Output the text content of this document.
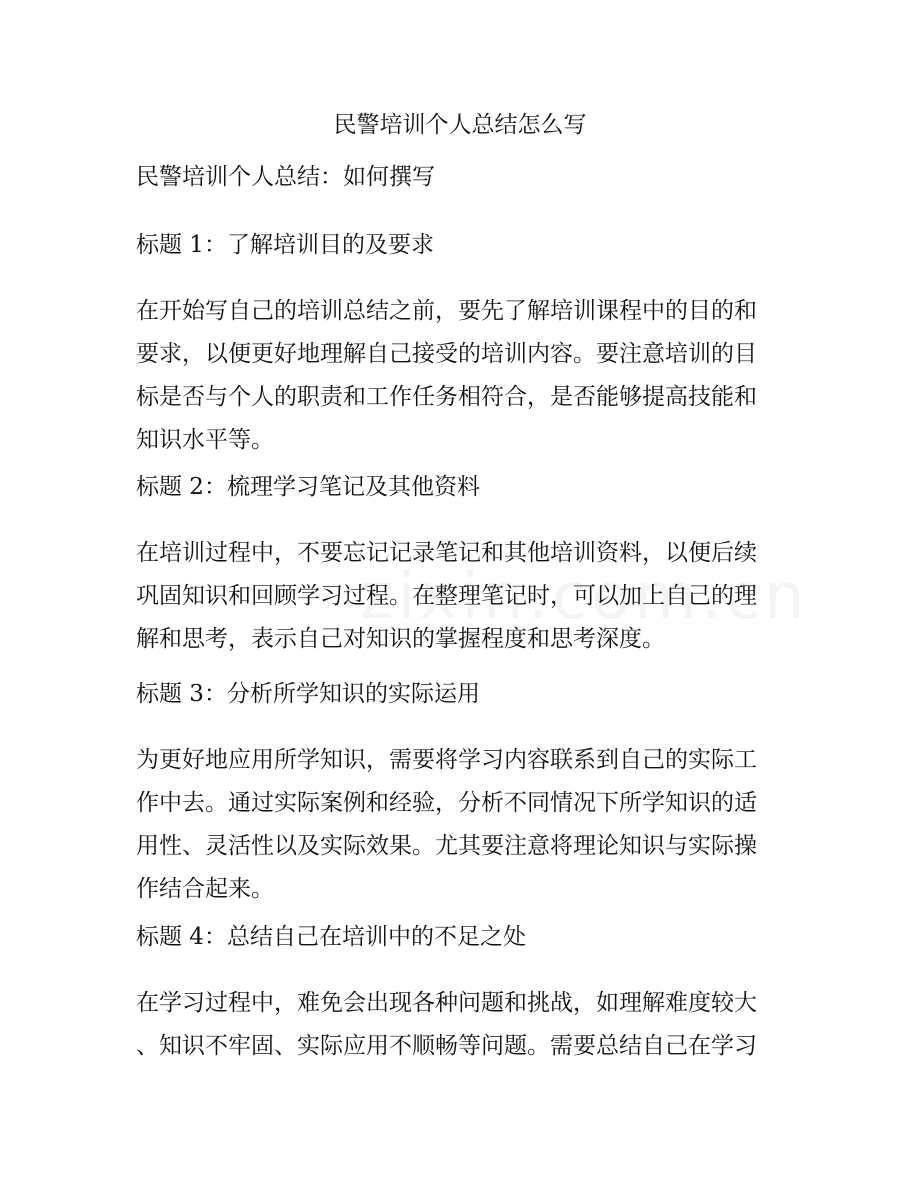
民警培训个人总结怎么写

民警培训个人总结：如何撰写

标题 1：了解培训目的及要求

在开始写自己的培训总结之前，要先了解培训课程中的目的和
要求，以便更好地理解自己接受的培训内容。要注意培训的目
标是否与个人的职责和工作任务相符合，是否能够提高技能和
知识水平等。

标题 2：梳理学习笔记及其他资料

在培训过程中，不要忘记记录笔记和其他培训资料，以便后续
巩固知识和回顾学习过程。在整理笔记时，可以加上自己的理
解和思考，表示自己对知识的掌握程度和思考深度。

标题 3：分析所学知识的实际运用

为更好地应用所学知识，需要将学习内容联系到自己的实际工
作中去。通过实际案例和经验，分析不同情况下所学知识的适
用性、灵活性以及实际效果。尤其要注意将理论知识与实际操
作结合起来。

标题 4：总结自己在培训中的不足之处

在学习过程中，难免会出现各种问题和挑战，如理解难度较大
、知识不牢固、实际应用不顺畅等问题。需要总结自己在学习
